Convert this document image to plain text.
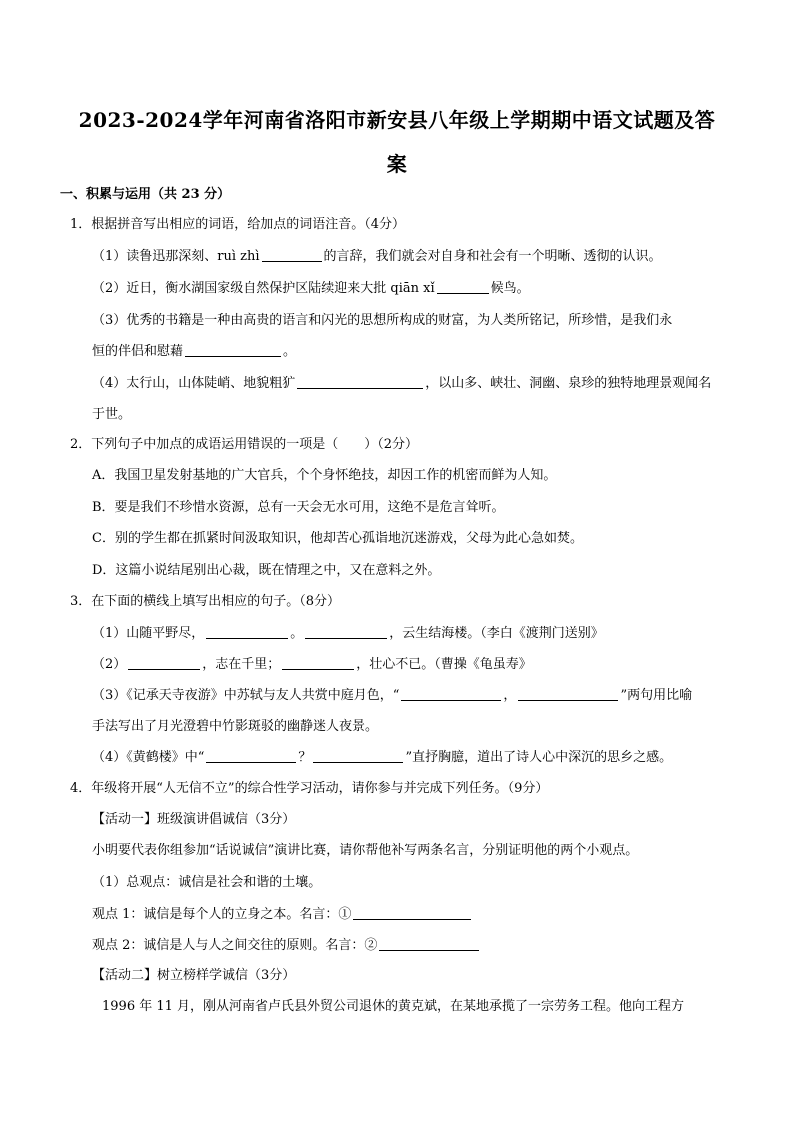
2023-2024学年河南省洛阳市新安县八年级上学期期中语文试题及答
案
一、积累与运用（共 23 分）
1．根据拼音写出相应的词语，给加点的词语注音。（4分）
（1）读鲁迅那深刻、ruì zhì	的言辞，我们就会对自身和社会有一个明晰、透彻的认识。
（2）近日，衡水湖国家级自然保护区陆续迎来大批 qiān xǐ	候鸟。
（3）优秀的书籍是一种由高贵的语言和闪光的思想所构成的财富，为人类所铭记，所珍惜，是我们永
恒的伴侣和慰藉	。
（4）太行山，山体陡峭、地貌粗犷	，以山多、峡壮、洞幽、泉珍的独特地理景观闻名
于世。
2．下列句子中加点的成语运用错误的一项是（　　）（2分）
A．我国卫星发射基地的广大官兵，个个身怀绝技，却因工作的机密而鲜为人知。
B．要是我们不珍惜水资源，总有一天会无水可用，这绝不是危言耸听。
C．别的学生都在抓紧时间汲取知识，他却苦心孤诣地沉迷游戏，父母为此心急如焚。
D．这篇小说结尾别出心裁，既在情理之中，又在意料之外。
3．在下面的横线上填写出相应的句子。（8分）
（1）山随平野尽，	。	，云生结海楼。（李白《渡荆门送别》
（2）	，志在千里；	，壮心不已。（曹操《龟虽寿》
（3）《记承天寺夜游》中苏轼与友人共赏中庭月色，“	，	”两句用比喻
手法写出了月光澄碧中竹影斑驳的幽静迷人夜景。
（4）《黄鹤楼》中“	？	”直抒胸臆，道出了诗人心中深沉的思乡之感。
4．年级将开展“人无信不立”的综合性学习活动，请你参与并完成下列任务。（9分）
【活动一】班级演讲倡诚信（3分）
小明要代表你组参加“话说诚信”演讲比赛，请你帮他补写两条名言，分别证明他的两个小观点。
（1）总观点：诚信是社会和谐的土壤。
观点 1：诚信是每个人的立身之本。名言：①
观点 2：诚信是人与人之间交往的原则。名言：②
【活动二】树立榜样学诚信（3分）
1996 年 11 月，刚从河南省卢氏县外贸公司退休的黄克斌，在某地承揽了一宗劳务工程。他向工程方
